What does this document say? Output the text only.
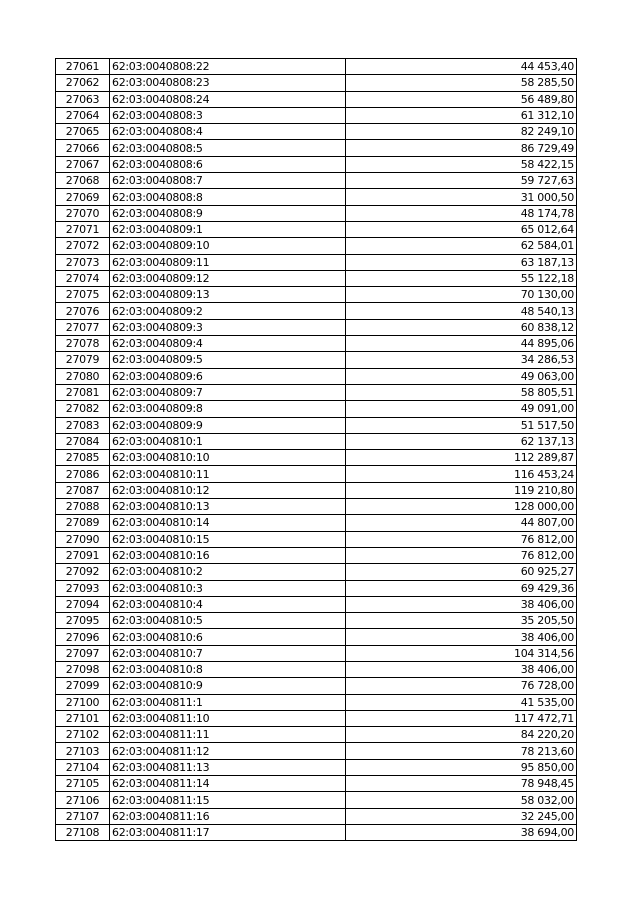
27061	62:03:0040808:22	44 453,40
27062	62:03:0040808:23	58 285,50
27063	62:03:0040808:24	56 489,80
27064	62:03:0040808:3	61 312,10
27065	62:03:0040808:4	82 249,10
27066	62:03:0040808:5	86 729,49
27067	62:03:0040808:6	58 422,15
27068	62:03:0040808:7	59 727,63
27069	62:03:0040808:8	31 000,50
27070	62:03:0040808:9	48 174,78
27071	62:03:0040809:1	65 012,64
27072	62:03:0040809:10	62 584,01
27073	62:03:0040809:11	63 187,13
27074	62:03:0040809:12	55 122,18
27075	62:03:0040809:13	70 130,00
27076	62:03:0040809:2	48 540,13
27077	62:03:0040809:3	60 838,12
27078	62:03:0040809:4	44 895,06
27079	62:03:0040809:5	34 286,53
27080	62:03:0040809:6	49 063,00
27081	62:03:0040809:7	58 805,51
27082	62:03:0040809:8	49 091,00
27083	62:03:0040809:9	51 517,50
27084	62:03:0040810:1	62 137,13
27085	62:03:0040810:10	112 289,87
27086	62:03:0040810:11	116 453,24
27087	62:03:0040810:12	119 210,80
27088	62:03:0040810:13	128 000,00
27089	62:03:0040810:14	44 807,00
27090	62:03:0040810:15	76 812,00
27091	62:03:0040810:16	76 812,00
27092	62:03:0040810:2	60 925,27
27093	62:03:0040810:3	69 429,36
27094	62:03:0040810:4	38 406,00
27095	62:03:0040810:5	35 205,50
27096	62:03:0040810:6	38 406,00
27097	62:03:0040810:7	104 314,56
27098	62:03:0040810:8	38 406,00
27099	62:03:0040810:9	76 728,00
27100	62:03:0040811:1	41 535,00
27101	62:03:0040811:10	117 472,71
27102	62:03:0040811:11	84 220,20
27103	62:03:0040811:12	78 213,60
27104	62:03:0040811:13	95 850,00
27105	62:03:0040811:14	78 948,45
27106	62:03:0040811:15	58 032,00
27107	62:03:0040811:16	32 245,00
27108	62:03:0040811:17	38 694,00
